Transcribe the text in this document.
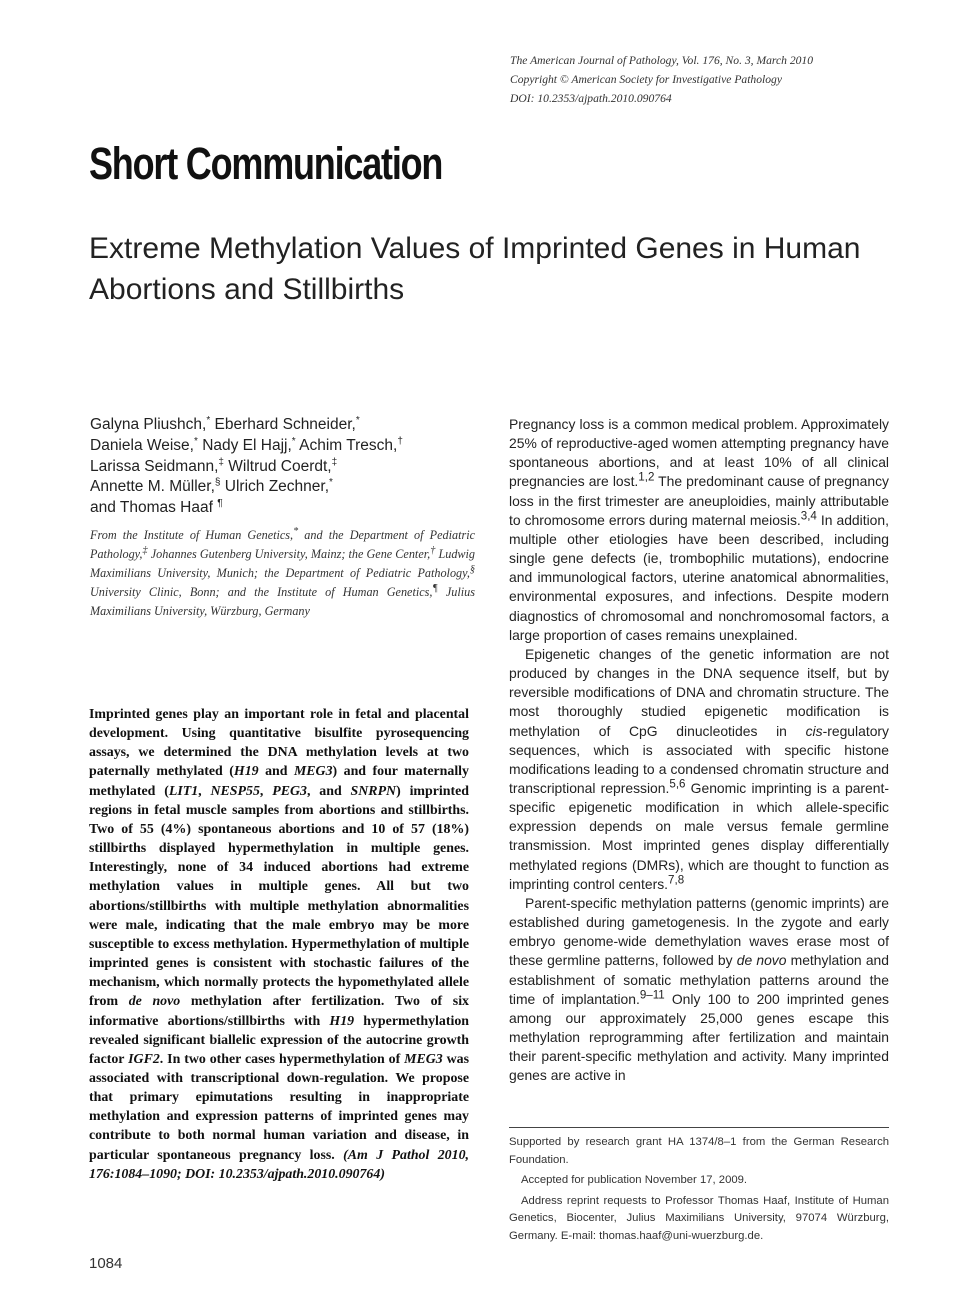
The American Journal of Pathology, Vol. 176, No. 3, March 2010
Copyright © American Society for Investigative Pathology
DOI: 10.2353/ajpath.2010.090764
Short Communication
Extreme Methylation Values of Imprinted Genes in Human Abortions and Stillbirths
Galyna Pliushch,* Eberhard Schneider,*
Daniela Weise,* Nady El Hajj,* Achim Tresch,†
Larissa Seidmann,‡ Wiltrud Coerdt,‡
Annette M. Müller,§ Ulrich Zechner,*
and Thomas Haaf ¶
From the Institute of Human Genetics,* and the Department of Pediatric Pathology,‡ Johannes Gutenberg University, Mainz; the Gene Center,† Ludwig Maximilians University, Munich; the Department of Pediatric Pathology,§ University Clinic, Bonn; and the Institute of Human Genetics,¶ Julius Maximilians University, Würzburg, Germany
Imprinted genes play an important role in fetal and placental development. Using quantitative bisulfite pyrosequencing assays, we determined the DNA methylation levels at two paternally methylated (H19 and MEG3) and four maternally methylated (LIT1, NESP55, PEG3, and SNRPN) imprinted regions in fetal muscle samples from abortions and stillbirths. Two of 55 (4%) spontaneous abortions and 10 of 57 (18%) stillbirths displayed hypermethylation in multiple genes. Interestingly, none of 34 induced abortions had extreme methylation values in multiple genes. All but two abortions/stillbirths with multiple methylation abnormalities were male, indicating that the male embryo may be more susceptible to excess methylation. Hypermethylation of multiple imprinted genes is consistent with stochastic failures of the mechanism, which normally protects the hypomethylated allele from de novo methylation after fertilization. Two of six informative abortions/stillbirths with H19 hypermethylation revealed significant biallelic expression of the autocrine growth factor IGF2. In two other cases hypermethylation of MEG3 was associated with transcriptional down-regulation. We propose that primary epimutations resulting in inappropriate methylation and expression patterns of imprinted genes may contribute to both normal human variation and disease, in particular spontaneous pregnancy loss. (Am J Pathol 2010, 176:1084–1090; DOI: 10.2353/ajpath.2010.090764)

Pregnancy loss is a common medical problem. Approximately 25% of reproductive-aged women attempting pregnancy have spontaneous abortions, and at least 10% of all clinical pregnancies are lost.$^{1,2}$ The predominant cause of pregnancy loss in the first trimester are aneuploidies, mainly attributable to chromosome errors during maternal meiosis.$^{3,4}$ In addition, multiple other etiologies have been described, including single gene defects (ie, trombophilic mutations), endocrine and immunological factors, uterine anatomical abnormalities, environmental exposures, and infections. Despite modern diagnostics of chromosomal and nonchromosomal factors, a large proportion of cases remains unexplained.

Epigenetic changes of the genetic information are not produced by changes in the DNA sequence itself, but by reversible modifications of DNA and chromatin structure. The most thoroughly studied epigenetic modification is methylation of CpG dinucleotides in cis-regulatory sequences, which is associated with specific histone modifications leading to a condensed chromatin structure and transcriptional repression.$^{5,6}$ Genomic imprinting is a parent-specific epigenetic modification in which allele-specific expression depends on male versus female germline transmission. Most imprinted genes display differentially methylated regions (DMRs), which are thought to function as imprinting control centers.$^{7,8}$

Parent-specific methylation patterns (genomic imprints) are established during gametogenesis. In the zygote and early embryo genome-wide demethylation waves erase most of these germline patterns, followed by de novo methylation and establishment of somatic methylation patterns around the time of implantation.$^{9-11}$ Only 100 to 200 imprinted genes among our approximately 25,000 genes escape this methylation reprogramming after fertilization and maintain their parent-specific methylation and activity. Many imprinted genes are active in

Supported by research grant HA 1374/8–1 from the German Research Foundation.

Accepted for publication November 17, 2009.

Address reprint requests to Professor Thomas Haaf, Institute of Human Genetics, Biocenter, Julius Maximilians University, 97074 Würzburg, Germany. E-mail: thomas.haaf@uni-wuerzburg.de.

1084
